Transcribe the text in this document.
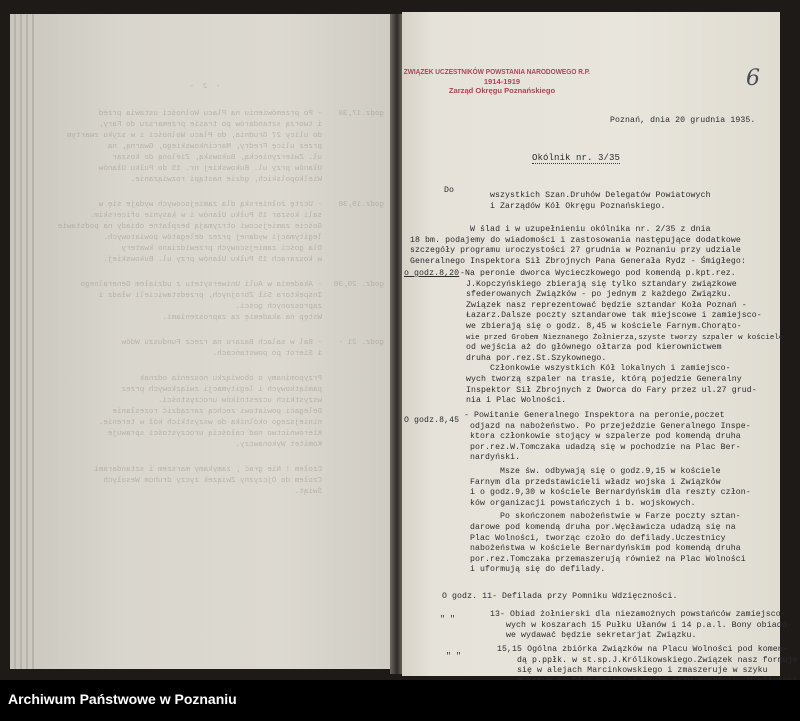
- 2 -
godz.17,30
- Po przemówieniu na Placu Wolności ustawia przed
i tworzą sztandarów po trasie przemarszu do Fary,
do ulicy 27 Grudnia, do Placu Wolności i w szyku zwartym
przez ulicę Fredry, Marcinkowskiego, Gwarną, na
ul. Zwierzyniecką, Bukowską, Zieloną do koszar
Ułanów przy ul. Bukowskiej nr. 15 do Pułku Ułanów
Wielkopolskich, gdzie nastąpi rozwiązanie.
godz.19,30
- Ucztę żołnierską dla zamiejscowych wydaje się w
sali koszar 15 Pułku Ułanów i w kasynie oficerskim.
Goście zamiejscowi otrzymają bezpłatne obiady na podstawie
legitymacji wydanej przez delegatów powiatowych.
Dla gości zamiejscowych przewidziano kwatery
w koszarach 15 Pułku Ułanów przy ul. Bukowskiej.
godz. 20,30
- Akademia w Auli Uniwersytetu z udziałem Generalnego
Inspektora Sił Zbrojnych, przedstawicieli władz i
zaproszonych gości.
Wstęp na akademię za zaproszeniami.
godz. 21 -
- Bal w salach Bazaru na rzecz Funduszu Wdów
i Sierot po powstańcach.
Przypominamy o obowiązku noszenia odznak
pamiątkowych i legitymacji związkowych przez
wszystkich uczestników uroczystości.
Delegaci powiatowi zechcą zarządzić rozesłanie
niniejszego okólnika do wszystkich kół w terenie.
Kierownictwo nad całością uroczystości sprawuje
Komitet Wykonawczy.
Czołem ! Nie grać , zamykamy marszem i sztandarami
Czołem do Ojczyzny Związek życzy druhom Wesołych
Świąt.
ZWIĄZEK UCZESTNIKÓW POWSTANIA NARODOWEGO R.P.
1914-1919
Zarząd Okręgu Poznańskiego	6
Poznań, dnia 20 grudnia 1935.
Okólnik nr. 3/35
Do
wszystkich Szan.Druhów Delegatów Powiatowych
i Zarządów Kół Okręgu Poznańskiego.
W ślad i w uzupełnieniu okólnika nr. 2/35 z dnia
18 bm. podajemy do wiadomości i zastosowania następujące dodatkowe
szczegóły programu uroczystości 27 grudnia w Poznaniu przy udziale
Generalnego Inspektora Sił Zbrojnych Pana Generała Rydz - Śmigłego:
o godz.8,20 -Na peronie dworca Wycieczkowego pod komendą p.kpt.rez.
J.Kopczyńskiego zbierają się tylko sztandary związkowe
sfederowanych Związków - po jednym z każdego Związku.
Związek nasz reprezentować będzie sztandar Koła Poznań -
Łazarz.Dalsze poczty sztandarowe tak miejscowe i zamiejsco-
we zbierają się o godz. 8,45 w kościele Farnym.Chorąto-
wie przed Grobem Nieznanego Żołnierza,szyste tworzy szpaler w kościele
od wejścia aż do głównego ołtarza pod kierownictwem
druha por.rez.St.Szykownego.
Członkowie wszystkich Kół lokalnych i zamiejsco-
wych tworzą szpaler na trasie, którą pojedzie Generalny
Inspektor Sił Zbrojnych z Dworca do Fary przez ul.27 grud-
nia i Plac Wolności.
O godz.8,45
- Powitanie Generalnego Inspektora na peronie,poczet
odjazd na nabożeństwo. Po przejeździe Generalnego Inspe-
ktora członkowie stojący w szpalerze pod komendą druha
por.rez.W.Tomczaka udadzą się w pochodzie na Plac Ber-
nardyński.
Msze św. odbywają się o godz.9,15 w kościele
Farnym dla przedstawicieli władz wojska i Związków
i o godz.9,30 w kościele Bernardyńskim dla reszty człon-
ków organizacji powstańczych i b. wojskowych.
Po skończonem nabożeństwie w Farze poczty sztan-
darowe pod komendą druha por.Węcławicza udadzą się na
Plac Wolności, tworząc czoło do defilady.Uczestnicy
nabożeństwa w kościele Bernardyńskim pod komendą druha
por.rez.Tomczaka przemaszerują również na Plac Wolności
i uformują się do defilady.
O godz. 11- Defilada przy Pomniku Wdzięczności.
" "
13- Obiad żołnierski dla niezamożnych powstańców zamiejsco-
wych w koszarach 15 Pułku Ułanów i 14 p.a.l. Bony obiado-
we wydawać będzie sekretarjat Związku.
" "
15,15 Ogólna zbiórka Związków na Placu Wolności pod komen-
dą p.ppłk. w st.sp.J.Królikowskiego.Związek nasz formuje
się w alejach Marcinkowskiego i zmaszeruje w szyku
Archiwum Państwowe w Poznaniu
